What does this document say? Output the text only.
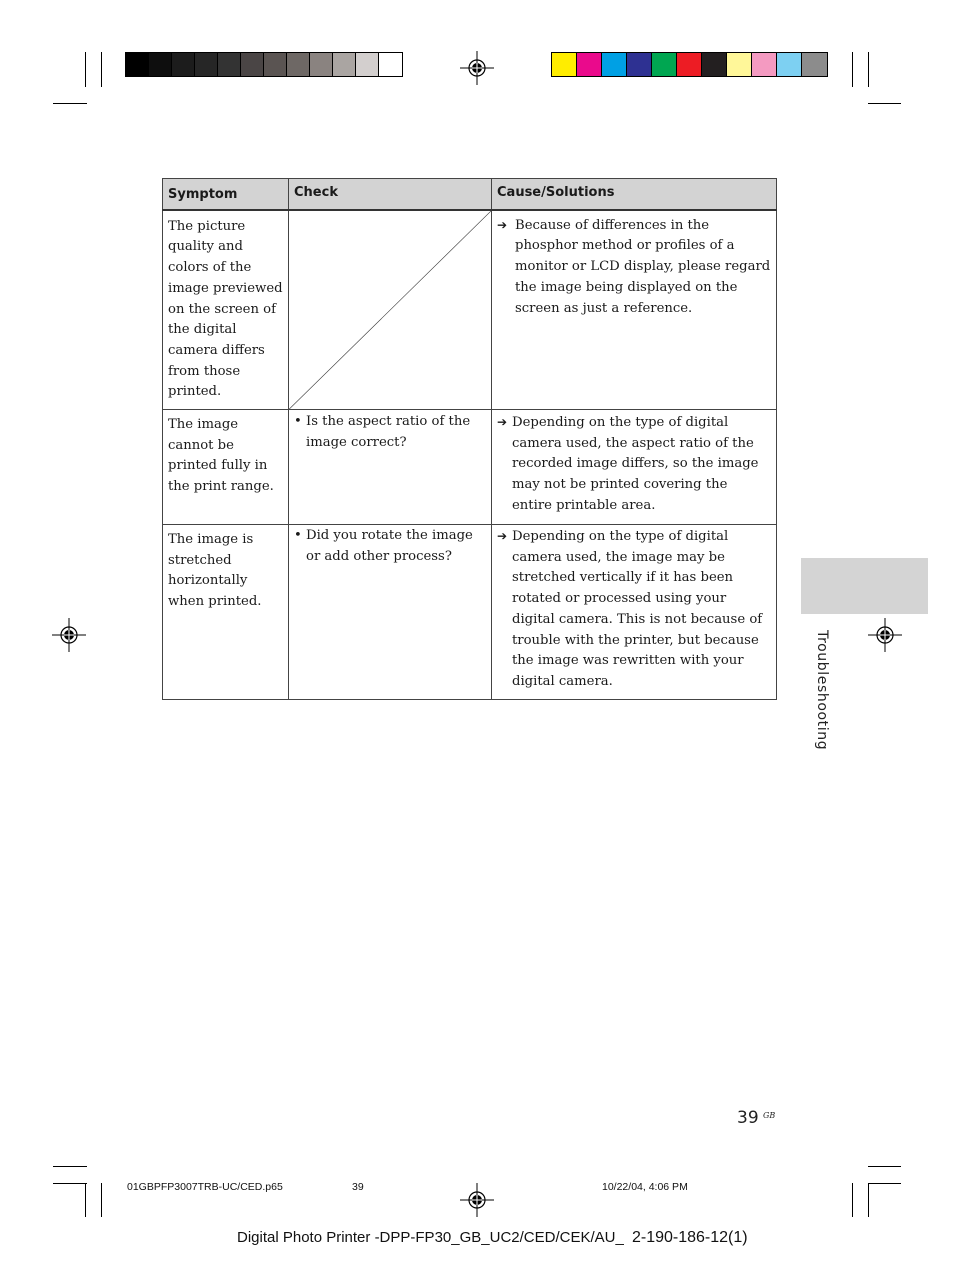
Symptom	Check	Cause/Solutions

The picture quality and colors of the image previewed on the screen of the digital camera differs from those printed.		➔ Because of differences in the phosphor method or profiles of a monitor or LCD display, please regard the image being displayed on the screen as just a reference.

The image cannot be printed fully in the print range.	• Is the aspect ratio of the image correct?	➔ Depending on the type of digital camera used, the aspect ratio of the recorded image differs, so the image may not be printed covering the entire printable area.

The image is stretched horizontally when printed.	• Did you rotate the image or add other process?	➔ Depending on the type of digital camera used, the image may be stretched vertically if it has been rotated or processed using your digital camera. This is not because of trouble with the printer, but because the image was rewritten with your digital camera.	Troubleshooting
39 GB
01GBPFP3007TRB-UC/CED.p65	39	10/22/04, 4:06 PM
Digital Photo Printer -DPP-FP30_GB_UC2/CED/CEK/AU_ 2-190-186-12(1)
